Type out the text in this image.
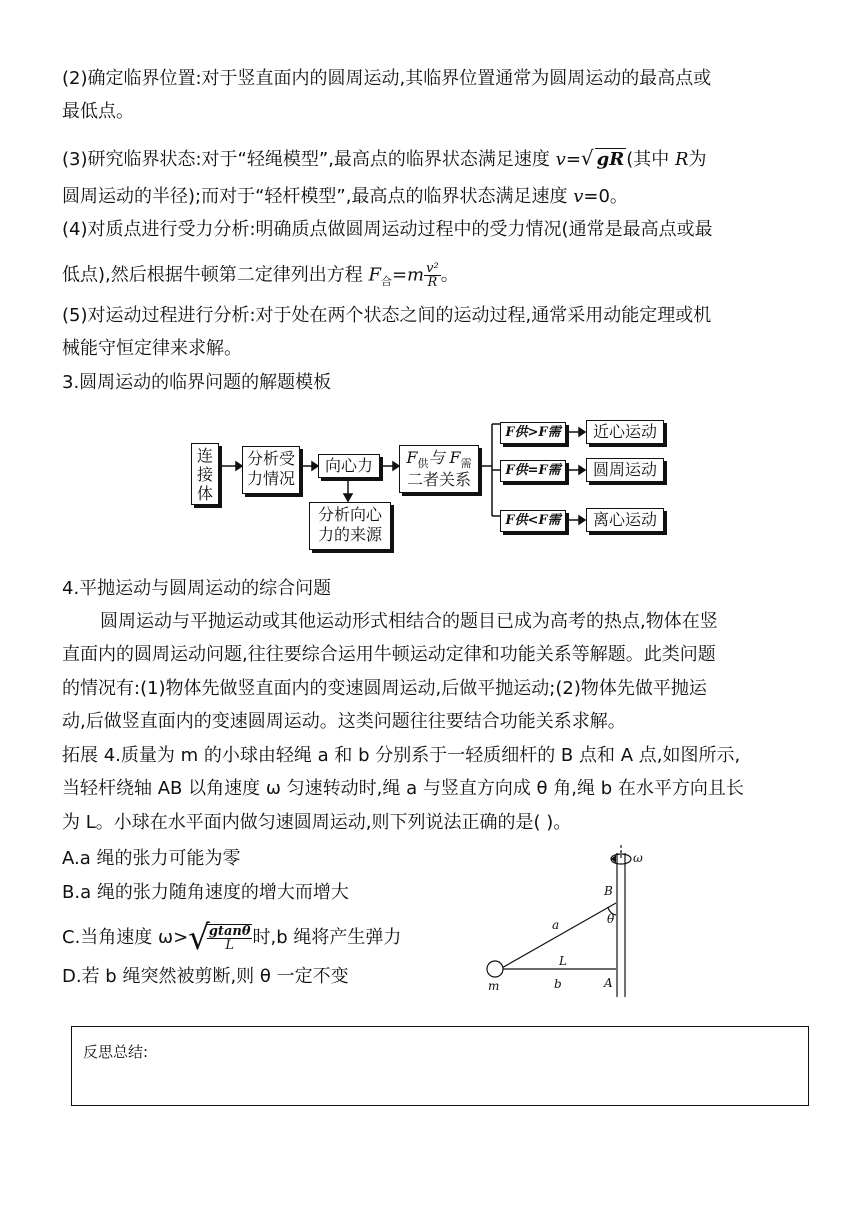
(2)确定临界位置:对于竖直面内的圆周运动,其临界位置通常为圆周运动的最高点或
最低点。
(3)研究临界状态:对于“轻绳模型”,最高点的临界状态满足速度 v=√ gR (其中 R为
圆周运动的半径);而对于“轻杆模型”,最高点的临界状态满足速度 v=0。
(4)对质点进行受力分析:明确质点做圆周运动过程中的受力情况(通常是最高点或最
低点),然后根据牛顿第二定律列出方程 $F_合=m \frac{\text{v²}}{R}$ 。
(5)对运动过程进行分析:对于处在两个状态之间的运动过程,通常采用动能定理或机
械能守恒定律来求解。
3.圆周运动的临界问题的解题模板
连
接
体
分析受
力情况
向心力
分析向心
力的来源
$F_供$与 $F_需$
二者关系
F供>F需
F供=F需
F供<F需
近心运动
圆周运动
离心运动
4.平抛运动与圆周运动的综合问题
圆周运动与平抛运动或其他运动形式相结合的题目已成为高考的热点,物体在竖
直面内的圆周运动问题,往往要综合运用牛顿运动定律和功能关系等解题。此类问题
的情况有:(1)物体先做竖直面内的变速圆周运动,后做平抛运动;(2)物体先做平抛运
动,后做竖直面内的变速圆周运动。这类问题往往要结合功能关系求解。
拓展 4.质量为 m 的小球由轻绳 a 和 b 分别系于一轻质细杆的 B 点和 A 点,如图所示,
当轻杆绕轴 AB 以角速度 ω 匀速转动时,绳 a 与竖直方向成 θ 角,绳 b 在水平方向且长
为 L。小球在水平面内做匀速圆周运动,则下列说法正确的是( )。
A.a 绳的张力可能为零
B.a 绳的张力随角速度的增大而增大
C.当角速度 ω>√
$\frac{gtan\theta}{L}$ 时,b 绳将产生弹力
D.若 b 绳突然被剪断,则 θ 一定不变
ω
B
θ
a
L
m	b	A
反思总结:
